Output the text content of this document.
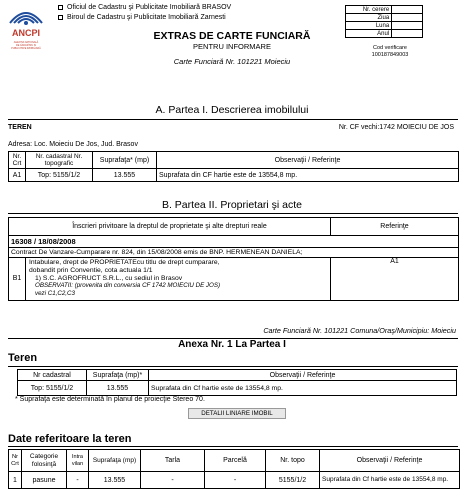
ANCPI
AGENȚIA NAȚIONALĂ
DE CADASTRU ȘI
PUBLICITATE IMOBILIARĂ
Oficiul de Cadastru şi Publicitate Imobiliară BRASOV
Biroul de Cadastru şi Publicitate Imobiliară Zarnesti
Nr. cerere	
Ziua	
Luna	
Anul	
Cod verificare
100187849003
EXTRAS DE CARTE FUNCIARĂ
PENTRU INFORMARE
Carte Funciară Nr. 101221 Moieciu
A. Partea I. Descrierea imobilului
TEREN	Nr. CF vechi:1742 MOIECIU DE JOS
Adresa: Loc. Moieciu De Jos, Jud. Brasov
Nr. Crt	Nr. cadastral Nr. topografic	Suprafaţa* (mp)	Observaţii / Referinţe
A1	Top: 5155/1/2	13.555	Suprafata din CF hartie este de 13554,8 mp.
B. Partea II. Proprietari şi acte
Înscrieri privitoare la dreptul de proprietate şi alte drepturi reale		Referinţe
16308 / 18/08/2008		
Contract De Vanzare-Cumparare nr. 824, din 15/08/2008 emis de BNP. HERMENEAN DANIELA;		
B1	Intabulare, drept de PROPRIETATEcu titlu de drept cumparare,
dobandit prin Conventie, cota actuala 1/1
1) S.C. AGROFRUCT S.R.L., cu sediul in Brasov
OBSERVATII: (provenita din conversia CF 1742 MOIECIU DE JOS)
vezi C1,C2,C3	A1
Carte Funciară Nr. 101221 Comuna/Oraş/Municipiu: Moieciu
Anexa Nr. 1 La Partea I
Teren
Nr cadastral	Suprafaţa (mp)*	Observaţii / Referinţe
Top: 5155/1/2	13.555	Suprafata din Cf hartie este de 13554,8 mp.
* Suprafaţa este determinată în planul de proiecţie Stereo 70.
DETALII LINIARE IMOBIL
Date referitoare la teren
Nr Crt	Categorie folosinţă	Intra vilan	Suprafaţa (mp)	Tarla	Parcelă	Nr. topo	Observaţii / Referinţe
1	pasune	-	13.555	-	-	5155/1/2	Suprafata din Cf hartie este de 13554,8 mp.
